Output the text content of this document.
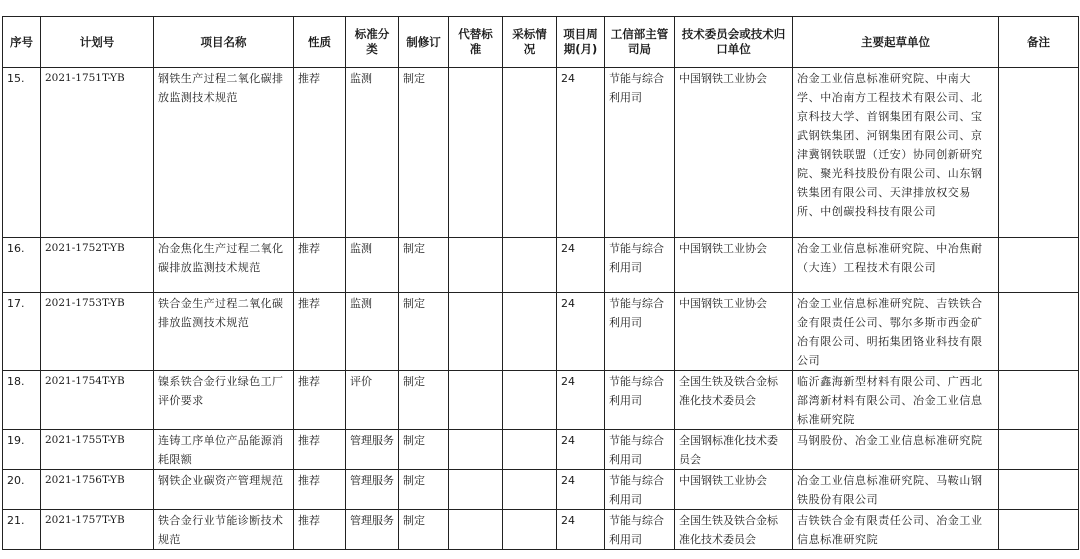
序号	计划号	项目名称	性质	标准分类	制修订	代替标准	采标情况	项目周期(月)	工信部主管司局	技术委员会或技术归口单位	主要起草单位	备注
15.	2021-1751T-YB	钢铁生产过程二氧化碳排放监测技术规范	推荐	监测	制定			24	节能与综合利用司	中国钢铁工业协会	冶金工业信息标准研究院、中南大学、中冶南方工程技术有限公司、北京科技大学、首钢集团有限公司、宝武钢铁集团、河钢集团有限公司、京津冀钢铁联盟（迁安）协同创新研究院、聚光科技股份有限公司、山东钢铁集团有限公司、天津排放权交易所、中创碳投科技有限公司	
16.	2021-1752T-YB	冶金焦化生产过程二氧化碳排放监测技术规范	推荐	监测	制定			24	节能与综合利用司	中国钢铁工业协会	冶金工业信息标准研究院、中冶焦耐（大连）工程技术有限公司	
17.	2021-1753T-YB	铁合金生产过程二氧化碳排放监测技术规范	推荐	监测	制定			24	节能与综合利用司	中国钢铁工业协会	冶金工业信息标准研究院、吉铁铁合金有限责任公司、鄂尔多斯市西金矿冶有限公司、明拓集团铬业科技有限公司	
18.	2021-1754T-YB	镍系铁合金行业绿色工厂评价要求	推荐	评价	制定			24	节能与综合利用司	全国生铁及铁合金标准化技术委员会	临沂鑫海新型材料有限公司、广西北部湾新材料有限公司、冶金工业信息标准研究院	
19.	2021-1755T-YB	连铸工序单位产品能源消耗限额	推荐	管理服务	制定			24	节能与综合利用司	全国钢标准化技术委员会	马钢股份、冶金工业信息标准研究院	
20.	2021-1756T-YB	钢铁企业碳资产管理规范	推荐	管理服务	制定			24	节能与综合利用司	中国钢铁工业协会	冶金工业信息标准研究院、马鞍山钢铁股份有限公司	
21.	2021-1757T-YB	铁合金行业节能诊断技术规范	推荐	管理服务	制定			24	节能与综合利用司	全国生铁及铁合金标准化技术委员会	吉铁铁合金有限责任公司、冶金工业信息标准研究院	
